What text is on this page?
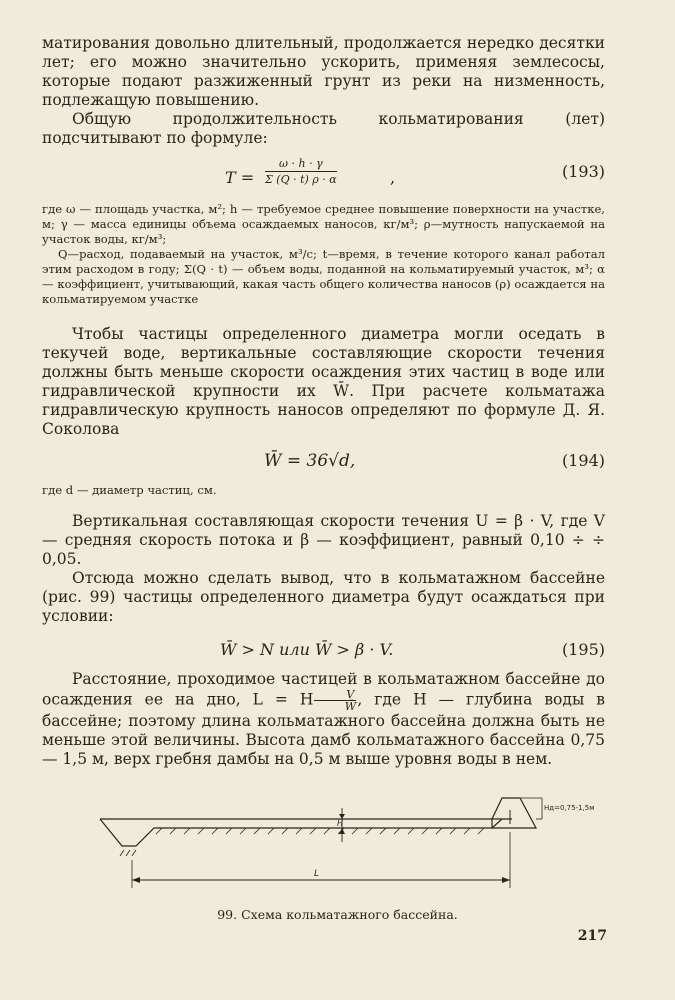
матирования довольно длительный, продолжается нередко десятки лет; его можно значительно ускорить, применяя землесосы, которые подают разжиженный грунт из реки на низменность, подлежащую повышению.

Общую продолжительность кольматирования (лет) подсчитывают по формуле:

$T = \frac{\omega \cdot h \cdot \gamma}{\Sigma (Q \cdot t) \rho \cdot \alpha}$	,	(193)

где ω — площадь участка, м²; h — требуемое среднее повышение поверхности на участке, м; γ — масса единицы объема осаждаемых наносов, кг/м³; ρ—мутность напускаемой на участок воды, кг/м³;

Q—расход, подаваемый на участок, м³/с; t—время, в течение которого канал работал этим расходом в году; Σ(Q · t) — объем воды, поданной на кольматируемый участок, м³; α — коэффициент, учитывающий, какая часть общего количества наносов (ρ) осаждается на кольматируемом участке

Чтобы частицы определенного диаметра могли оседать в текучей воде, вертикальные составляющие скорости течения должны быть меньше скорости осаждения этих частиц в воде или гидравлической крупности их W̄. При расчете кольматажа гидравлическую крупность наносов определяют по формуле Д. Я. Соколова

W̄ = 36√d,	(194)

где d — диаметр частиц, см.

Вертикальная составляющая скорости течения U = β · V, где V — средняя скорость потока и β — коэффициент, равный 0,10 ÷ ÷ 0,05.

Отсюда можно сделать вывод, что в кольматажном бассейне (рис. 99) частицы определенного диаметра будут осаждаться при условии:

W̄ > N или W̄ > β · V.	(195)

Расстояние, проходимое частицей в кольматажном бассейне до осаждения ее на дно, L = H $\frac{V}{W̄}$ , где H — глубина воды в бассейне; поэтому длина кольматажного бассейна должна быть не меньше этой величины. Высота дамб кольматажного бассейна 0,75 — 1,5 м, верх гребня дамбы на 0,5 м выше уровня воды в нем.

Hд=0,75-1,5м
H
L
99. Схема кольматажного бассейна.
217
